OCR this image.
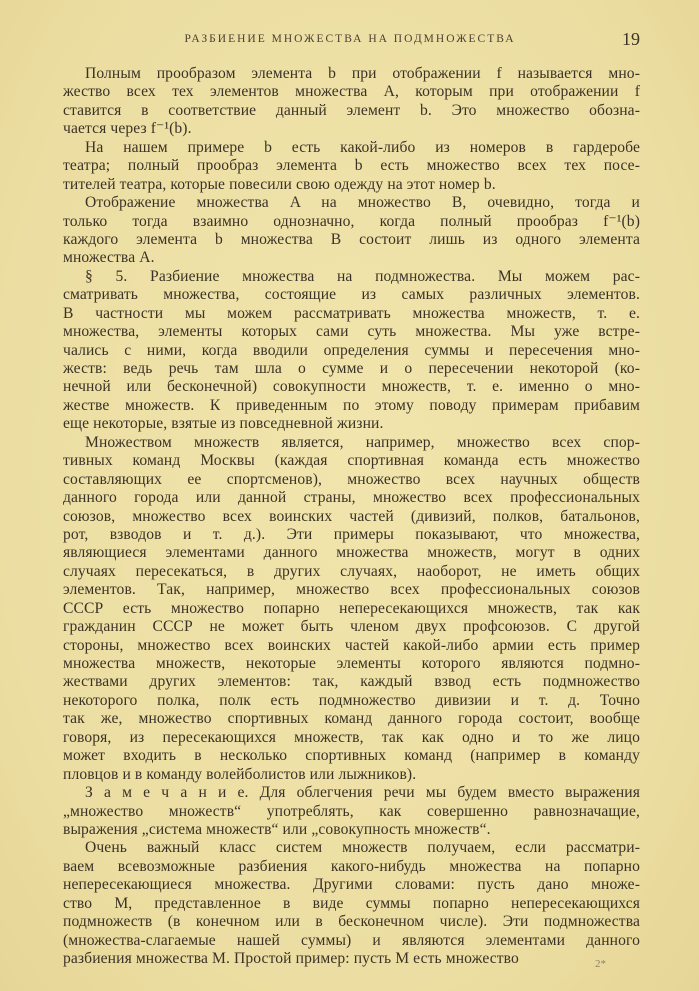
РАЗБИЕНИЕ МНОЖЕСТВА НА ПОДМНОЖЕСТВА	19
Полным прообразом элемента b при отображении f называется мно-
жество всех тех элементов множества A, которым при отображении f
ставится в соответствие данный элемент b. Это множество обозна-
чается через f⁻¹(b).
На нашем примере b есть какой-либо из номеров в гардеробе
театра; полный прообраз элемента b есть множество всех тех посе-
тителей театра, которые повесили свою одежду на этот номер b.
Отображение множества A на множество B, очевидно, тогда и
только тогда взаимно однозначно, когда полный прообраз f⁻¹(b)
каждого элемента b множества B состоит лишь из одного элемента
множества A.
§ 5. Разбиение множества на подмножества. Мы можем рас-
сматривать множества, состоящие из самых различных элементов.
В частности мы можем рассматривать множества множеств, т. е.
множества, элементы которых сами суть множества. Мы уже встре-
чались с ними, когда вводили определения суммы и пересечения мно-
жеств: ведь речь там шла о сумме и о пересечении некоторой (ко-
нечной или бесконечной) совокупности множеств, т. е. именно о мно-
жестве множеств. К приведенным по этому поводу примерам прибавим
еще некоторые, взятые из повседневной жизни.
Множеством множеств является, например, множество всех спор-
тивных команд Москвы (каждая спортивная команда есть множество
составляющих ее спортсменов), множество всех научных обществ
данного города или данной страны, множество всех профессиональных
союзов, множество всех воинских частей (дивизий, полков, батальонов,
рот, взводов и т. д.). Эти примеры показывают, что множества,
являющиеся элементами данного множества множеств, могут в одних
случаях пересекаться, в других случаях, наоборот, не иметь общих
элементов. Так, например, множество всех профессиональных союзов
СССР есть множество попарно непересекающихся множеств, так как
гражданин СССР не может быть членом двух профсоюзов. С другой
стороны, множество всех воинских частей какой-либо армии есть пример
множества множеств, некоторые элементы которого являются подмно-
жествами других элементов: так, каждый взвод есть подмножество
некоторого полка, полк есть подмножество дивизии и т. д. Точно
так же, множество спортивных команд данного города состоит, вообще
говоря, из пересекающихся множеств, так как одно и то же лицо
может входить в несколько спортивных команд (например в команду
пловцов и в команду волейболистов или лыжников).
З а м е ч а н и е. Для облегчения речи мы будем вместо выражения
„множество множеств“ употреблять, как совершенно равнозначащие,
выражения „система множеств“ или „совокупность множеств“.
Очень важный класс систем множеств получаем, если рассматри-
ваем всевозможные разбиения какого-нибудь множества на попарно
непересекающиеся множества. Другими словами: пусть дано множе-
ство M, представленное в виде суммы попарно непересекающихся
подмножеств (в конечном или в бесконечном числе). Эти подмножества
(множества-слагаемые нашей суммы) и являются элементами данного
разбиения множества M. Простой пример: пусть M есть множество	2*
